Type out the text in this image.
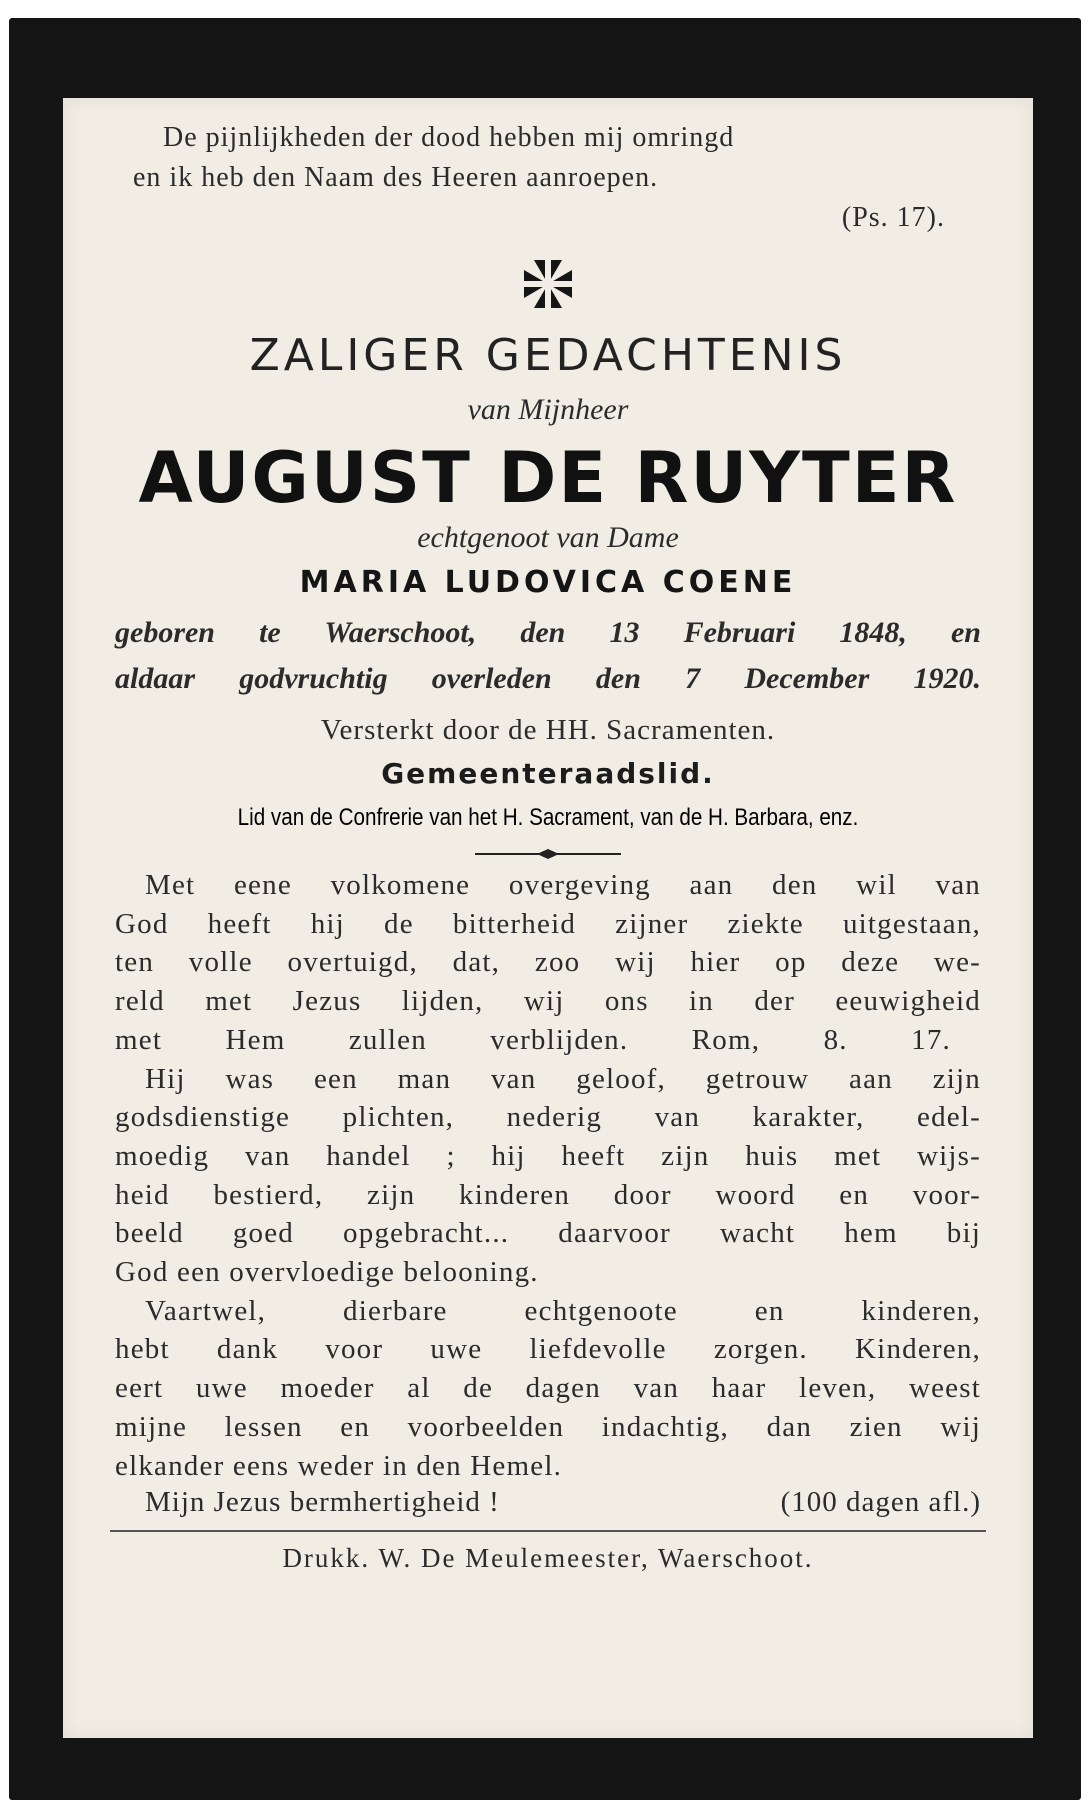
De pijnlijkheden der dood hebben mij omringd
en ik heb den Naam des Heeren aanroepen.
(Ps. 17).
ZALIGER GEDACHTENIS
van Mijnheer
AUGUST DE RUYTER
echtgenoot van Dame
MARIA LUDOVICA COENE
geboren te Waerschoot, den 13 Februari 1848, en
aldaar godvruchtig overleden den 7 December 1920.
Versterkt door de HH. Sacramenten.
Gemeenteraadslid.
Lid van de Confrerie van het H. Sacrament, van de H. Barbara, enz.
Met eene volkomene overgeving aan den wil van
God heeft hij de bitterheid zijner ziekte uitgestaan,
ten volle overtuigd, dat, zoo wij hier op deze we-
reld met Jezus lijden, wij ons in der eeuwigheid
met Hem zullen verblijden. Rom, 8. 17.
Hij was een man van geloof, getrouw aan zijn
godsdienstige plichten, nederig van karakter, edel-
moedig van handel ; hij heeft zijn huis met wijs-
heid bestierd, zijn kinderen door woord en voor-
beeld goed opgebracht... daarvoor wacht hem bij
God een overvloedige belooning.
Vaartwel, dierbare echtgenoote en kinderen,
hebt dank voor uwe liefdevolle zorgen. Kinderen,
eert uwe moeder al de dagen van haar leven, weest
mijne lessen en voorbeelden indachtig, dan zien wij
elkander eens weder in den Hemel.
Mijn Jezus bermhertigheid !	(100 dagen afl.)
Drukk. W. De Meulemeester, Waerschoot.
